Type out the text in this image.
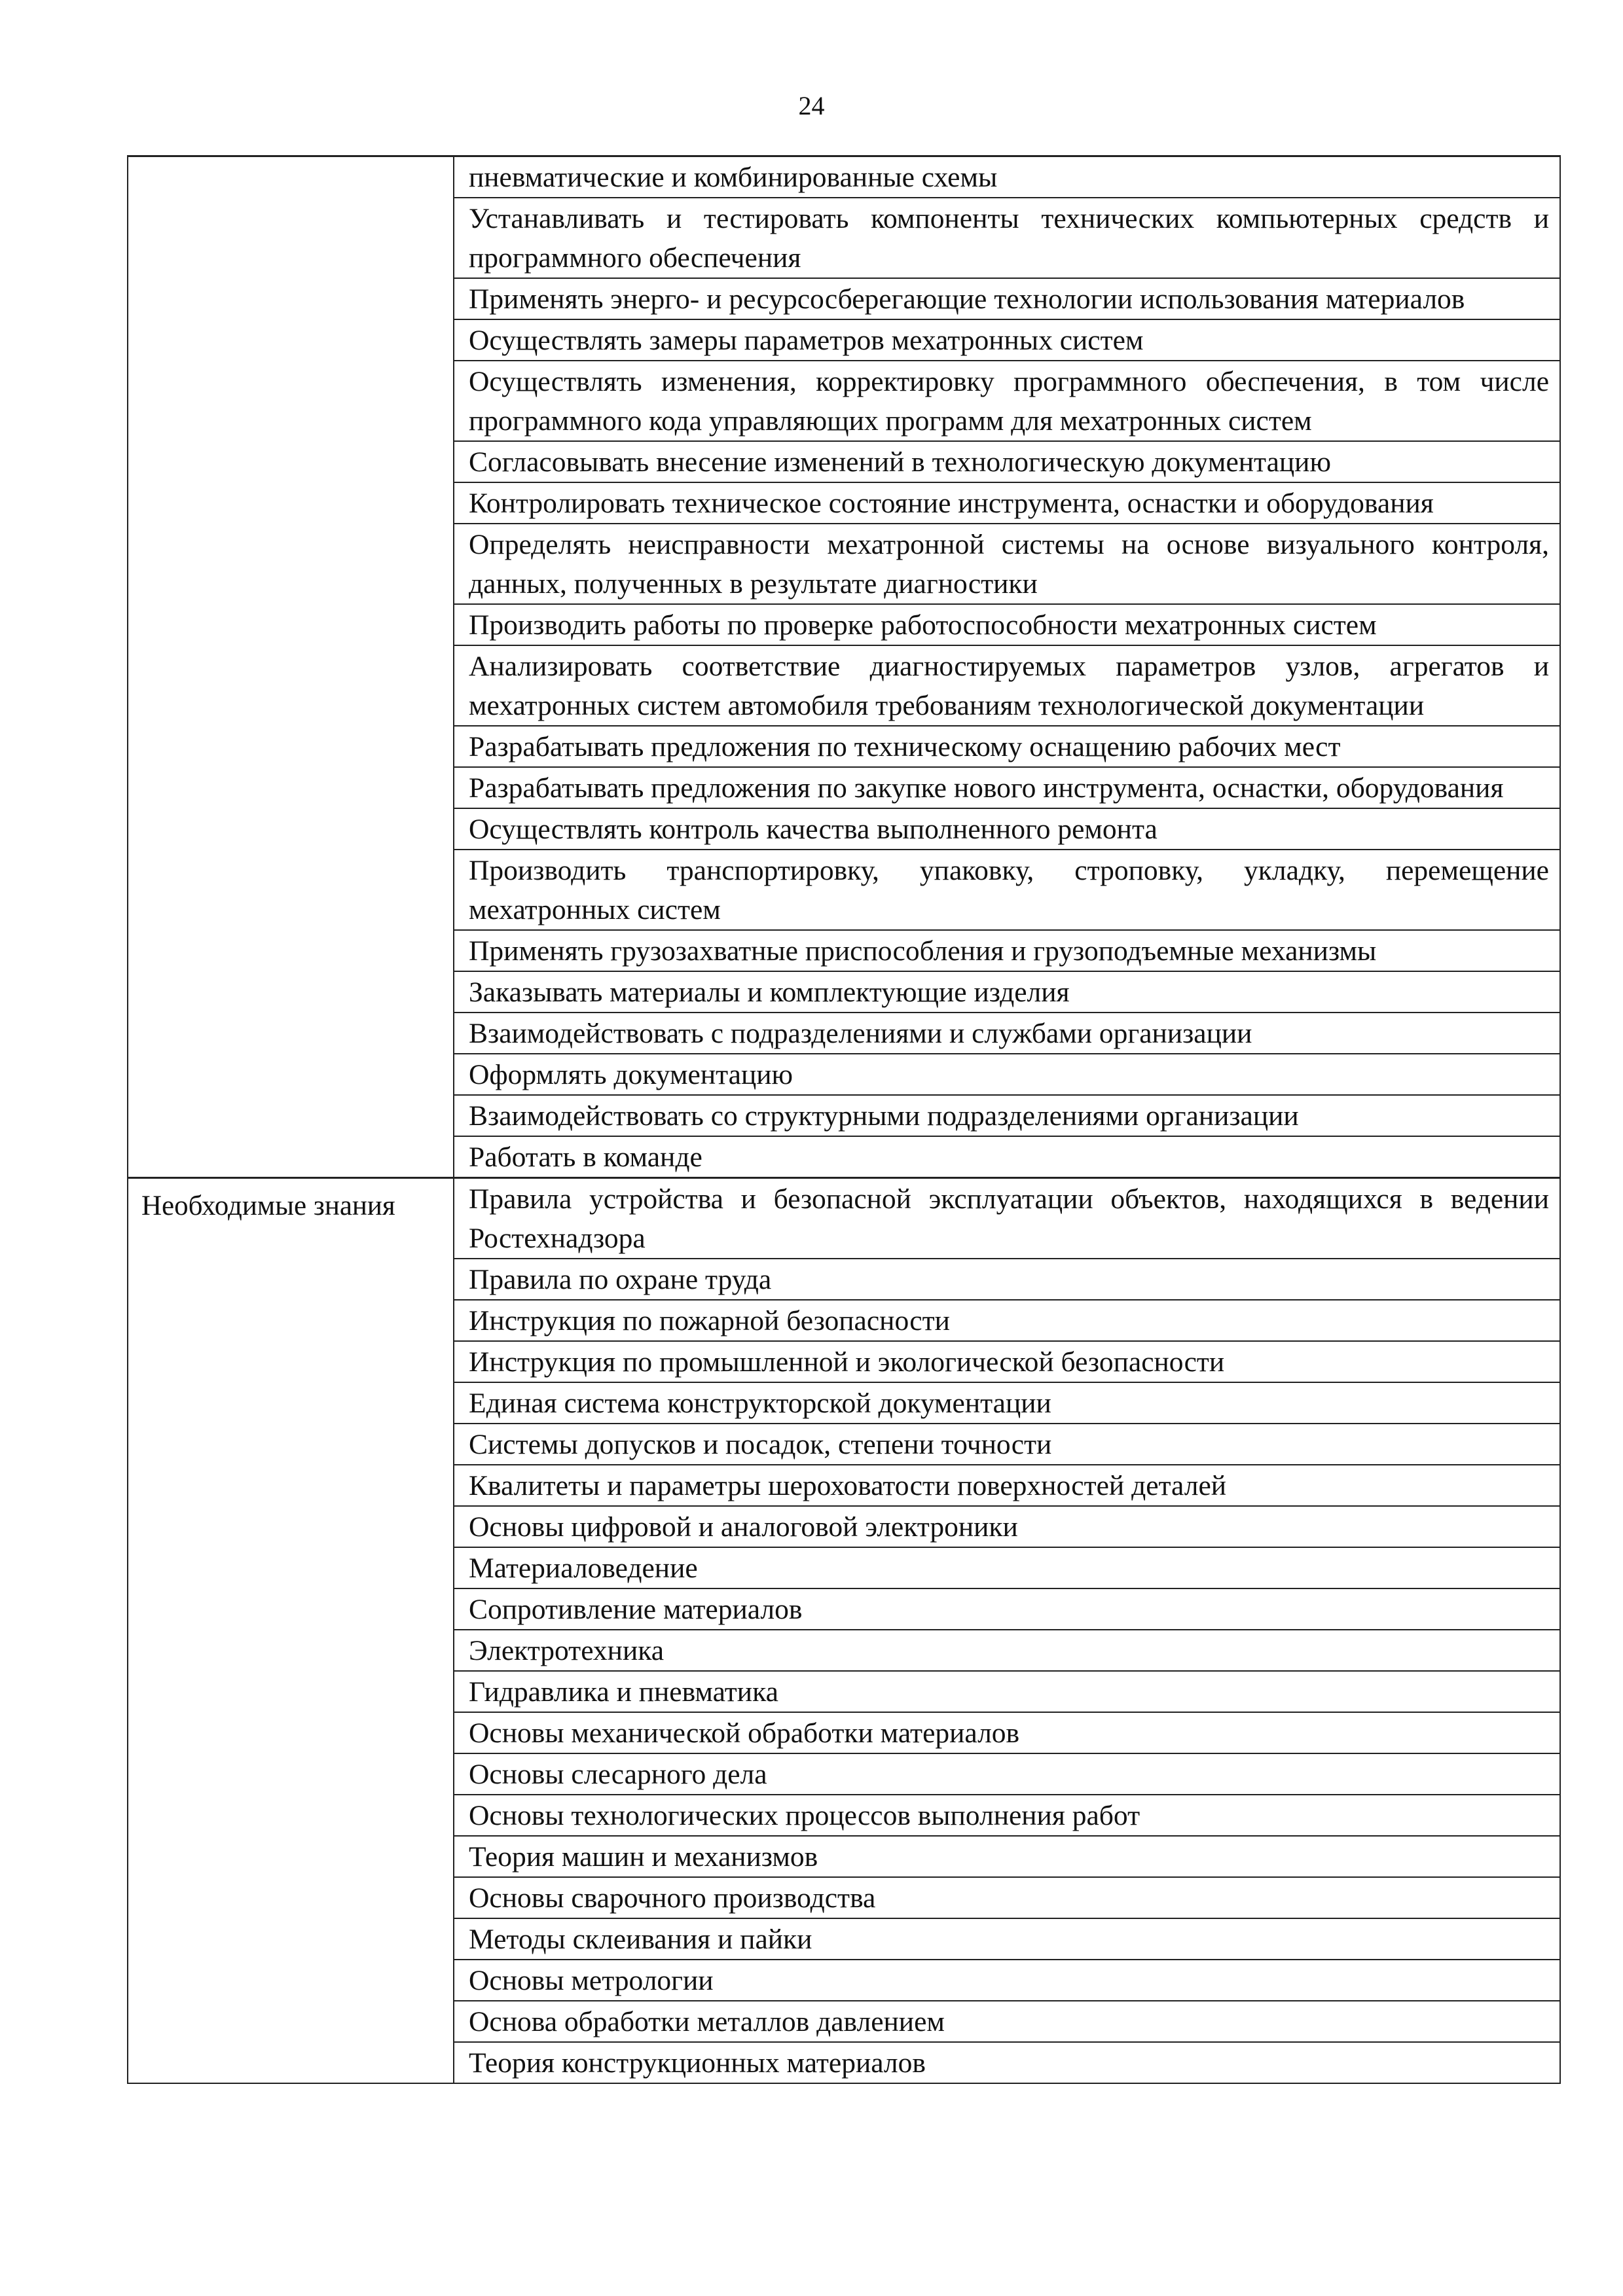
24

	пневматические и комбинированные схемы

	Устанавливать и тестировать компоненты технических компьютерных средств и программного обеспечения

	Применять энерго- и ресурсосберегающие технологии использования материалов

	Осуществлять замеры параметров мехатронных систем

	Осуществлять изменения, корректировку программного обеспечения, в том числе программного кода управляющих программ для мехатронных систем

	Согласовывать внесение изменений в технологическую документацию

	Контролировать техническое состояние инструмента, оснастки и оборудования

	Определять неисправности мехатронной системы на основе визуального контроля, данных, полученных в результате диагностики

	Производить работы по проверке работоспособности мехатронных систем

	Анализировать соответствие диагностируемых параметров узлов, агрегатов и мехатронных систем автомобиля требованиям технологической документации

	Разрабатывать предложения по техническому оснащению рабочих мест

	Разрабатывать предложения по закупке нового инструмента, оснастки, оборудования

	Осуществлять контроль качества выполненного ремонта

	Производить транспортировку, упаковку, строповку, укладку, перемещение мехатронных систем

	Применять грузозахватные приспособления и грузоподъемные механизмы

	Заказывать материалы и комплектующие изделия

	Взаимодействовать с подразделениями и службами организации

	Оформлять документацию

	Взаимодействовать со структурными подразделениями организации

	Работать в команде

Необходимые знания	Правила устройства и безопасной эксплуатации объектов, находящихся в ведении Ростехнадзора

	Правила по охране труда

	Инструкция по пожарной безопасности

	Инструкция по промышленной и экологической безопасности

	Единая система конструкторской документации

	Системы допусков и посадок, степени точности

	Квалитеты и параметры шероховатости поверхностей деталей

	Основы цифровой и аналоговой электроники

	Материаловедение

	Сопротивление материалов

	Электротехника

	Гидравлика и пневматика

	Основы механической обработки материалов

	Основы слесарного дела

	Основы технологических процессов выполнения работ

	Теория машин и механизмов

	Основы сварочного производства

	Методы склеивания и пайки

	Основы метрологии

	Основа обработки металлов давлением

	Теория конструкционных материалов
